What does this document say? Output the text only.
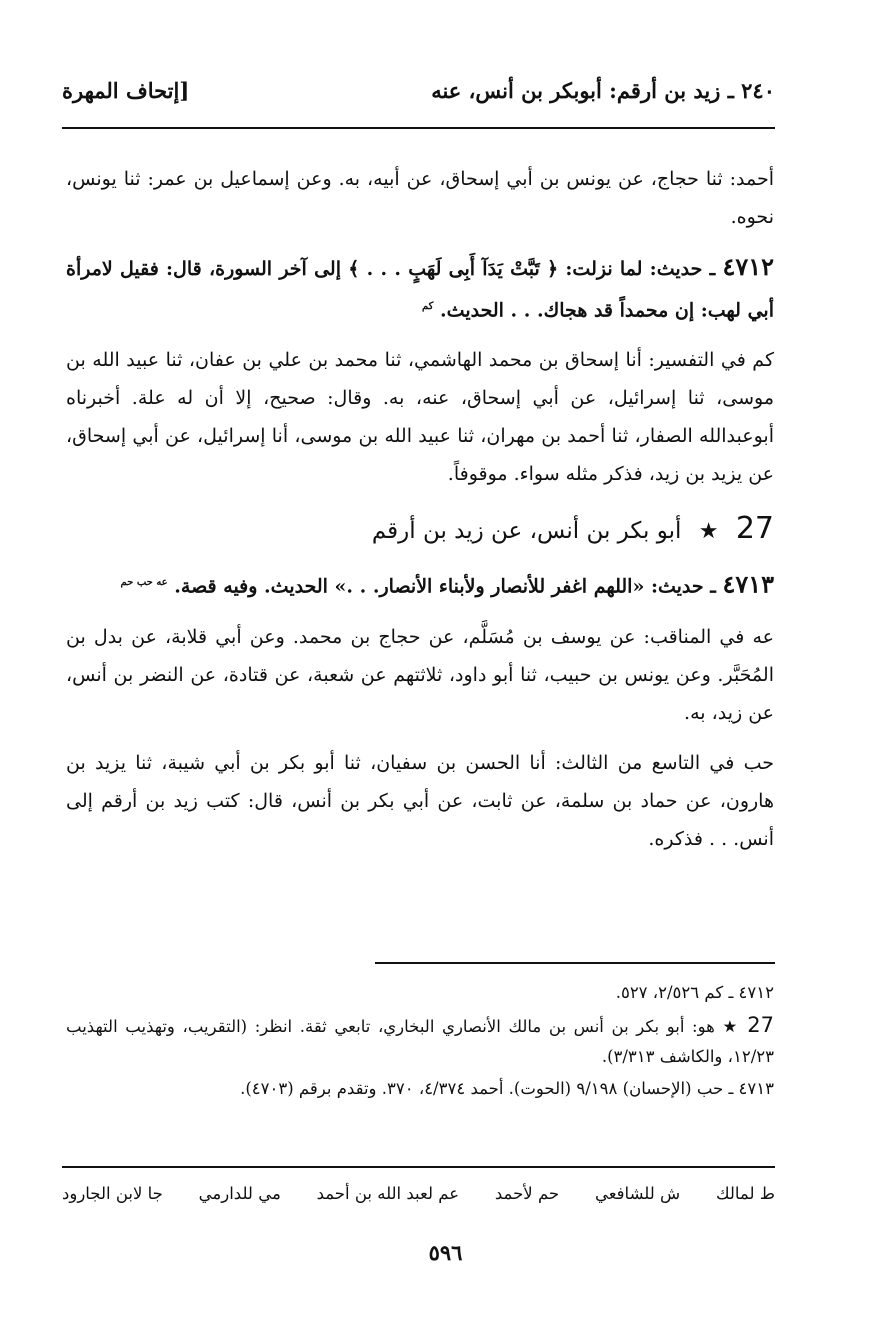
٢٤٠ ـ زيد بن أرقم: أبوبكر بن أنس، عنه
[إتحاف المهرة

أحمد: ثنا حجاج، عن يونس بن أبي إسحاق، عن أبيه، به. وعن إسماعيل بن عمر: ثنا يونس، نحوه.

٤٧١٢ ـ حديث: لما نزلت: ﴿ تَبَّتْ يَدَآ أَبِى لَهَبٍ . . . ﴾ إلى آخر السورة، قال: فقيل لامرأة أبي لهب: إن محمداً قد هجاك. . . الحديث. $^{كم}$

كم في التفسير: أنا إسحاق بن محمد الهاشمي، ثنا محمد بن علي بن عفان، ثنا عبيد الله بن موسى، ثنا إسرائيل، عن أبي إسحاق، عنه، به. وقال: صحيح، إلا أن له علة. أخبرناه أبوعبدالله الصفار، ثنا أحمد بن مهران، ثنا عبيد الله بن موسى، أنا إسرائيل، عن أبي إسحاق، عن يزيد بن زيد، فذكر مثله سواء. موقوفاً.

27 ★ أبو بكر بن أنس، عن زيد بن أرقم

٤٧١٣ ـ حديث: «اللهم اغفر للأنصار ولأبناء الأنصار. . .» الحديث. وفيه قصة. $^{عه حب حم}$

عه في المناقب: عن يوسف بن مُسَلَّم، عن حجاج بن محمد. وعن أبي قلابة، عن بدل بن المُحَبَّر. وعن يونس بن حبيب، ثنا أبو داود، ثلاثتهم عن شعبة، عن قتادة، عن النضر بن أنس، عن زيد، به.

حب في التاسع من الثالث: أنا الحسن بن سفيان، ثنا أبو بكر بن أبي شيبة، ثنا يزيد بن هارون، عن حماد بن سلمة، عن ثابت، عن أبي بكر بن أنس، قال: كتب زيد بن أرقم إلى أنس. . . فذكره.

٤٧١٢ ـ كم ٢/٥٢٦، ٥٢٧.

27 ★ هو: أبو بكر بن أنس بن مالك الأنصاري البخاري، تابعي ثقة. انظر: (التقريب، وتهذيب التهذيب ١٢/٢٣، والكاشف ٣/٣١٣).

٤٧١٣ ـ حب (الإحسان) ٩/١٩٨ (الحوت). أحمد ٤/٣٧٤، ٣٧٠. وتقدم برقم (٤٧٠٣).

ط لمالك
ش للشافعي
حم لأحمد
عم لعبد الله بن أحمد
مي للدارمي
جا لابن الجارود
٥٩٦
